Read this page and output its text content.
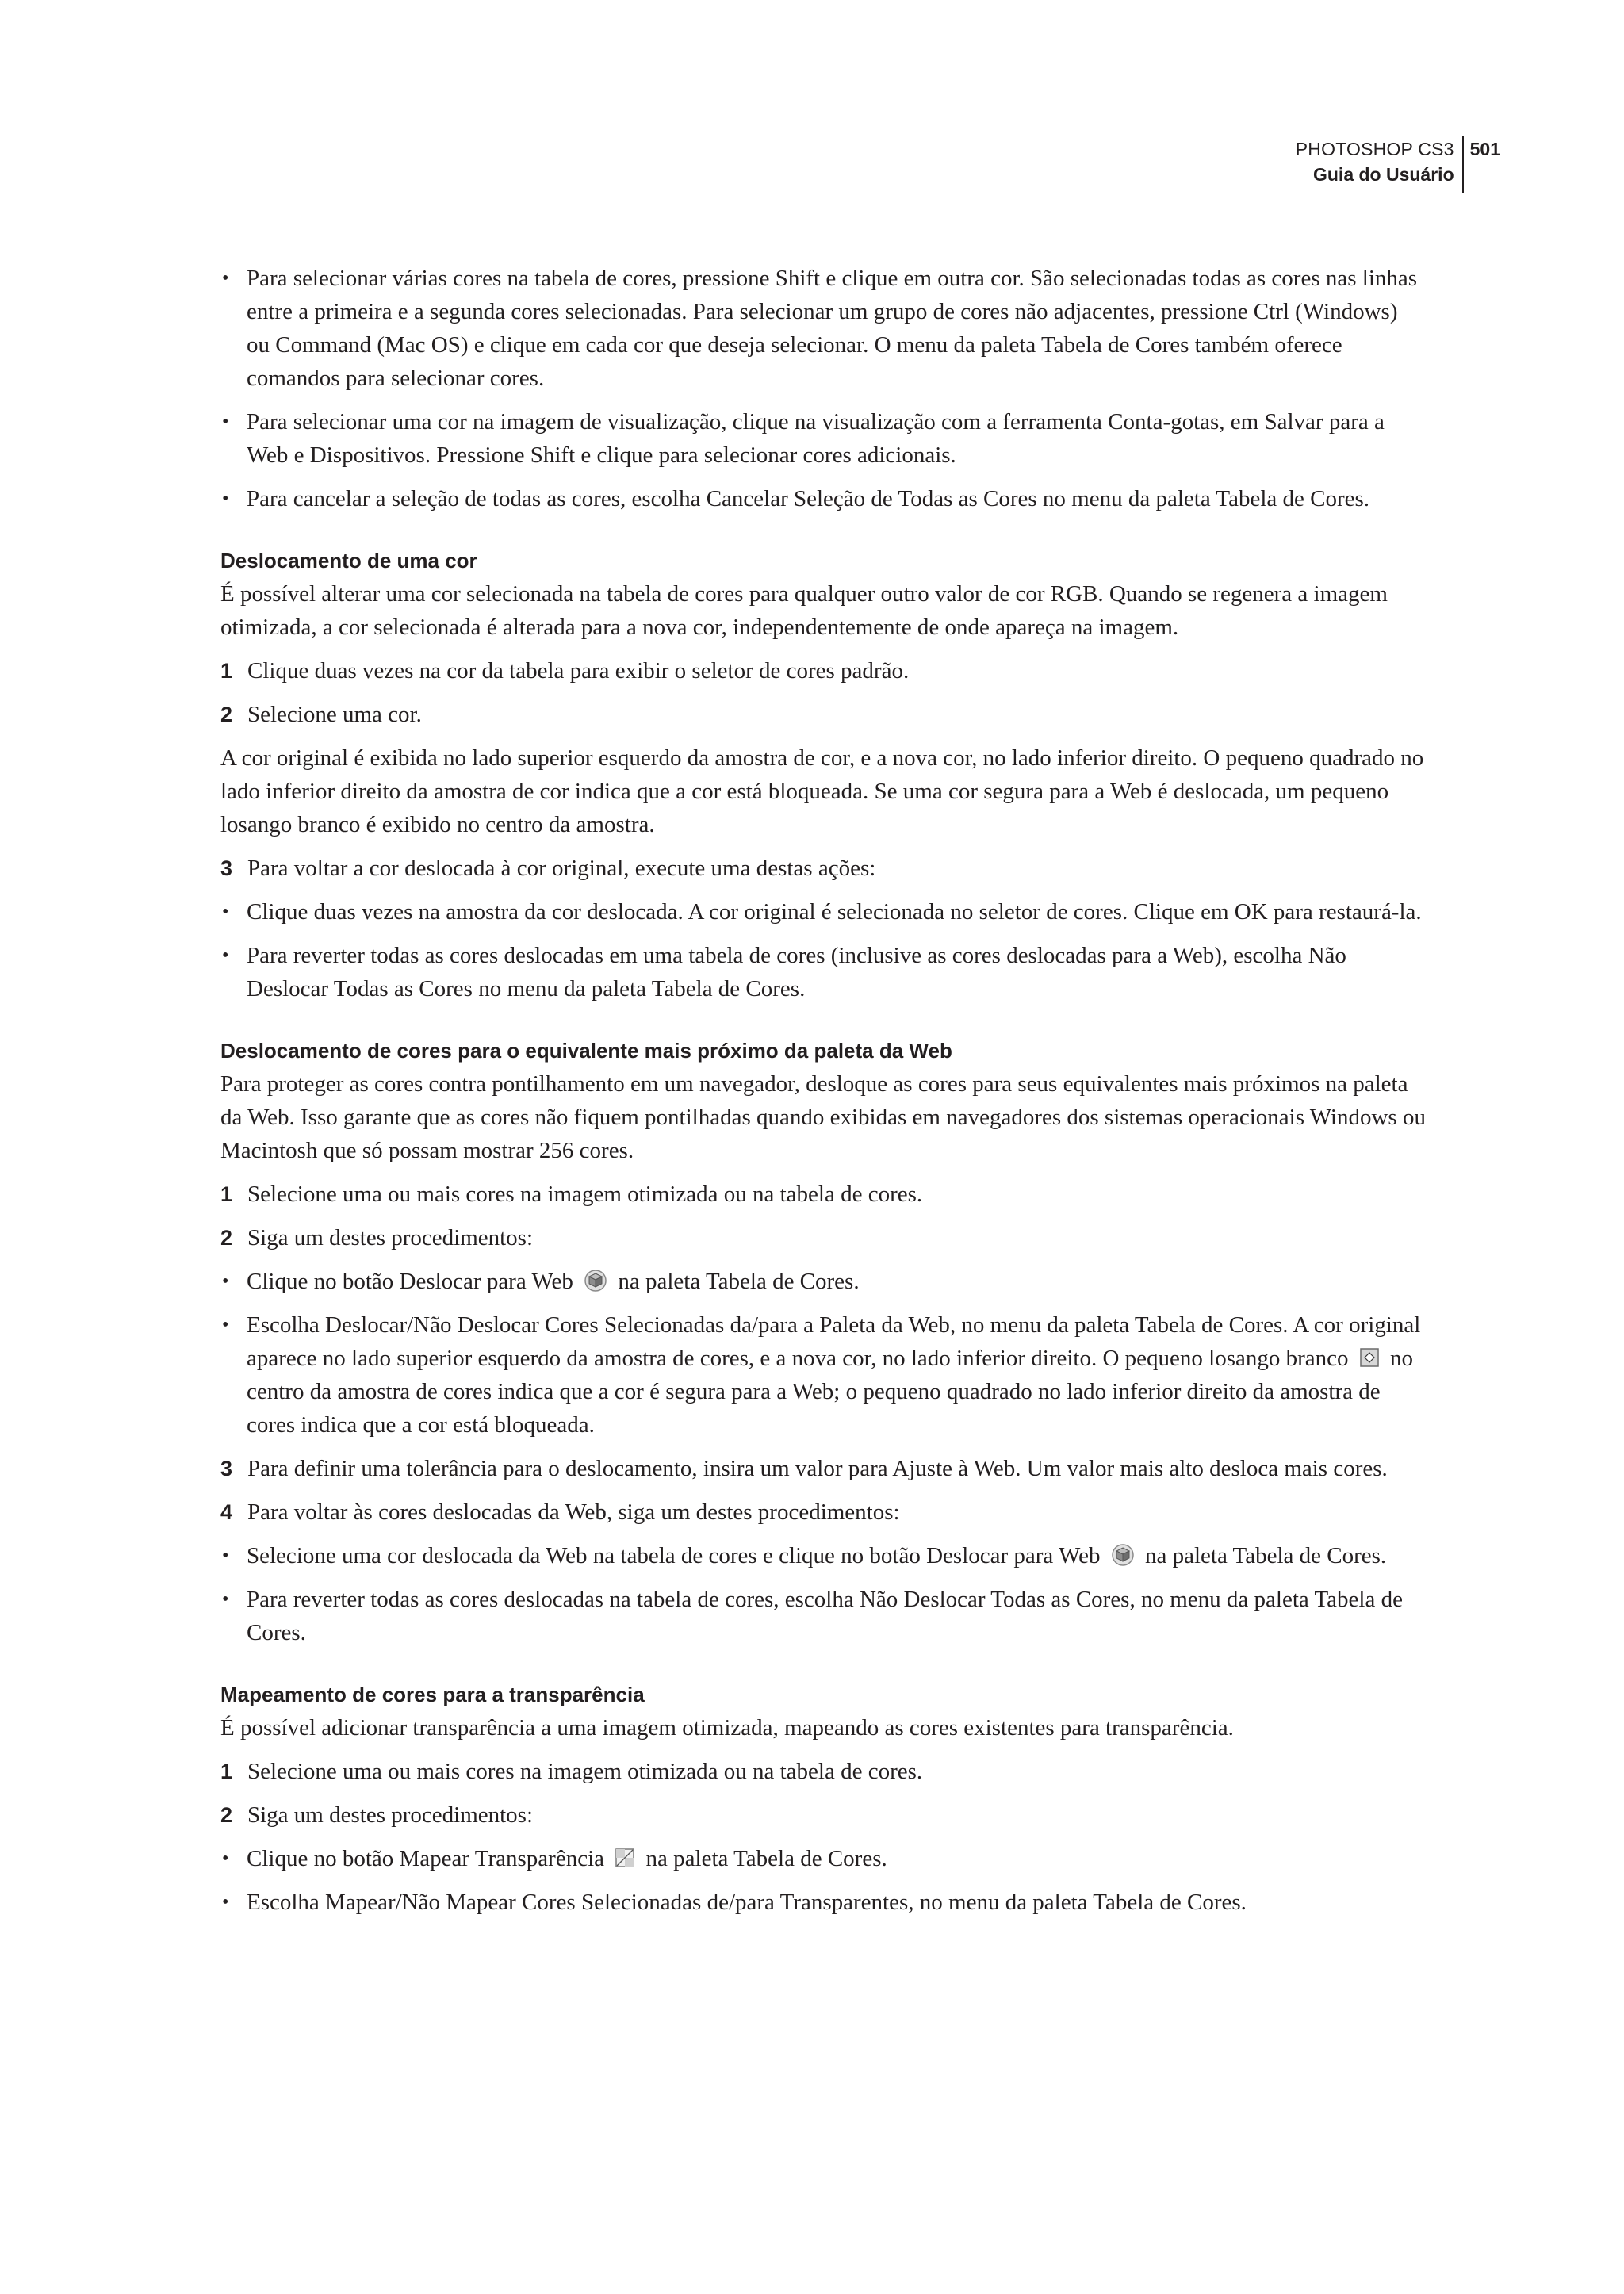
PHOTOSHOP CS3
Guia do Usuário
501
• Para selecionar várias cores na tabela de cores, pressione Shift e clique em outra cor. São selecionadas todas as cores nas linhas entre a primeira e a segunda cores selecionadas. Para selecionar um grupo de cores não adjacentes, pressione Ctrl (Windows) ou Command (Mac OS) e clique em cada cor que deseja selecionar. O menu da paleta Tabela de Cores também oferece comandos para selecionar cores.
• Para selecionar uma cor na imagem de visualização, clique na visualização com a ferramenta Conta-gotas, em Salvar para a Web e Dispositivos. Pressione Shift e clique para selecionar cores adicionais.
• Para cancelar a seleção de todas as cores, escolha Cancelar Seleção de Todas as Cores no menu da paleta Tabela de Cores.
Deslocamento de uma cor

É possível alterar uma cor selecionada na tabela de cores para qualquer outro valor de cor RGB. Quando se regenera a imagem otimizada, a cor selecionada é alterada para a nova cor, independentemente de onde apareça na imagem.

1 Clique duas vezes na cor da tabela para exibir o seletor de cores padrão.
2 Selecione uma cor.

A cor original é exibida no lado superior esquerdo da amostra de cor, e a nova cor, no lado inferior direito. O pequeno quadrado no lado inferior direito da amostra de cor indica que a cor está bloqueada. Se uma cor segura para a Web é deslocada, um pequeno losango branco é exibido no centro da amostra.

3 Para voltar a cor deslocada à cor original, execute uma destas ações:
• Clique duas vezes na amostra da cor deslocada. A cor original é selecionada no seletor de cores. Clique em OK para restaurá-la.
• Para reverter todas as cores deslocadas em uma tabela de cores (inclusive as cores deslocadas para a Web), escolha Não Deslocar Todas as Cores no menu da paleta Tabela de Cores.
Deslocamento de cores para o equivalente mais próximo da paleta da Web

Para proteger as cores contra pontilhamento em um navegador, desloque as cores para seus equivalentes mais próximos na paleta da Web. Isso garante que as cores não fiquem pontilhadas quando exibidas em navegadores dos sistemas operacionais Windows ou Macintosh que só possam mostrar 256 cores.

1 Selecione uma ou mais cores na imagem otimizada ou na tabela de cores.
2 Siga um destes procedimentos:
• Clique no botão Deslocar para Web na paleta Tabela de Cores.
• Escolha Deslocar/Não Deslocar Cores Selecionadas da/para a Paleta da Web, no menu da paleta Tabela de Cores. A cor original aparece no lado superior esquerdo da amostra de cores, e a nova cor, no lado inferior direito. O pequeno losango branco no centro da amostra de cores indica que a cor é segura para a Web; o pequeno quadrado no lado inferior direito da amostra de cores indica que a cor está bloqueada.
3 Para definir uma tolerância para o deslocamento, insira um valor para Ajuste à Web. Um valor mais alto desloca mais cores.
4 Para voltar às cores deslocadas da Web, siga um destes procedimentos:
• Selecione uma cor deslocada da Web na tabela de cores e clique no botão Deslocar para Web na paleta Tabela de Cores.
• Para reverter todas as cores deslocadas na tabela de cores, escolha Não Deslocar Todas as Cores, no menu da paleta Tabela de Cores.
Mapeamento de cores para a transparência

É possível adicionar transparência a uma imagem otimizada, mapeando as cores existentes para transparência.

1 Selecione uma ou mais cores na imagem otimizada ou na tabela de cores.
2 Siga um destes procedimentos:
• Clique no botão Mapear Transparência na paleta Tabela de Cores.
• Escolha Mapear/Não Mapear Cores Selecionadas de/para Transparentes, no menu da paleta Tabela de Cores.
